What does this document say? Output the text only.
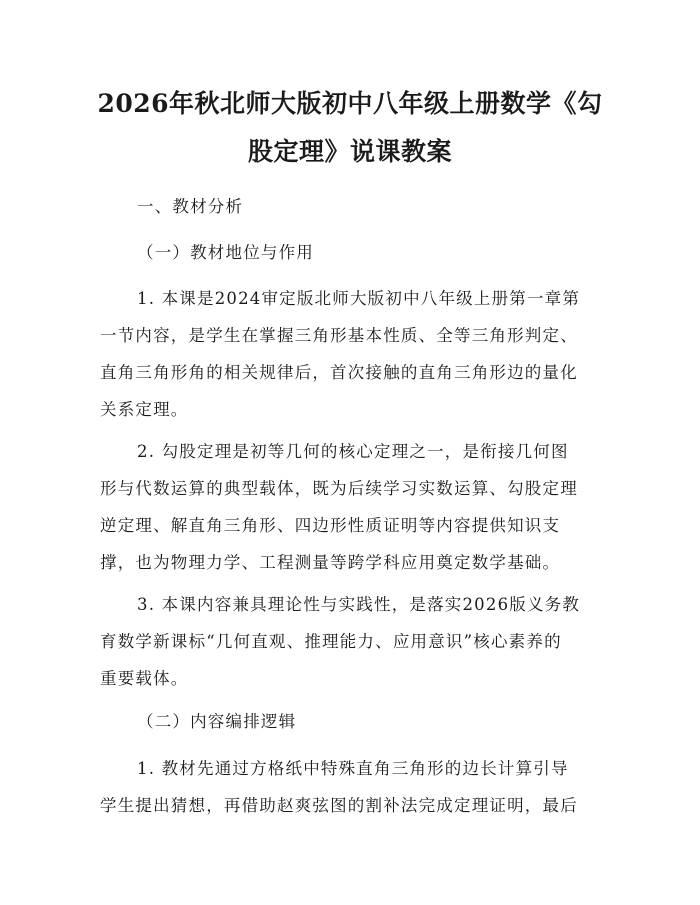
2026年秋北师大版初中八年级上册数学《勾
股定理》说课教案
一、教材分析
（一）教材地位与作用
1. 本课是2024审定版北师大版初中八年级上册第一章第
一节内容，是学生在掌握三角形基本性质、全等三角形判定、
直角三角形角的相关规律后，首次接触的直角三角形边的量化
关系定理。
2. 勾股定理是初等几何的核心定理之一，是衔接几何图
形与代数运算的典型载体，既为后续学习实数运算、勾股定理
逆定理、解直角三角形、四边形性质证明等内容提供知识支
撑，也为物理力学、工程测量等跨学科应用奠定数学基础。
3. 本课内容兼具理论性与实践性，是落实2026版义务教
育数学新课标“几何直观、推理能力、应用意识”核心素养的
重要载体。
（二）内容编排逻辑
1. 教材先通过方格纸中特殊直角三角形的边长计算引导
学生提出猜想，再借助赵爽弦图的割补法完成定理证明，最后
